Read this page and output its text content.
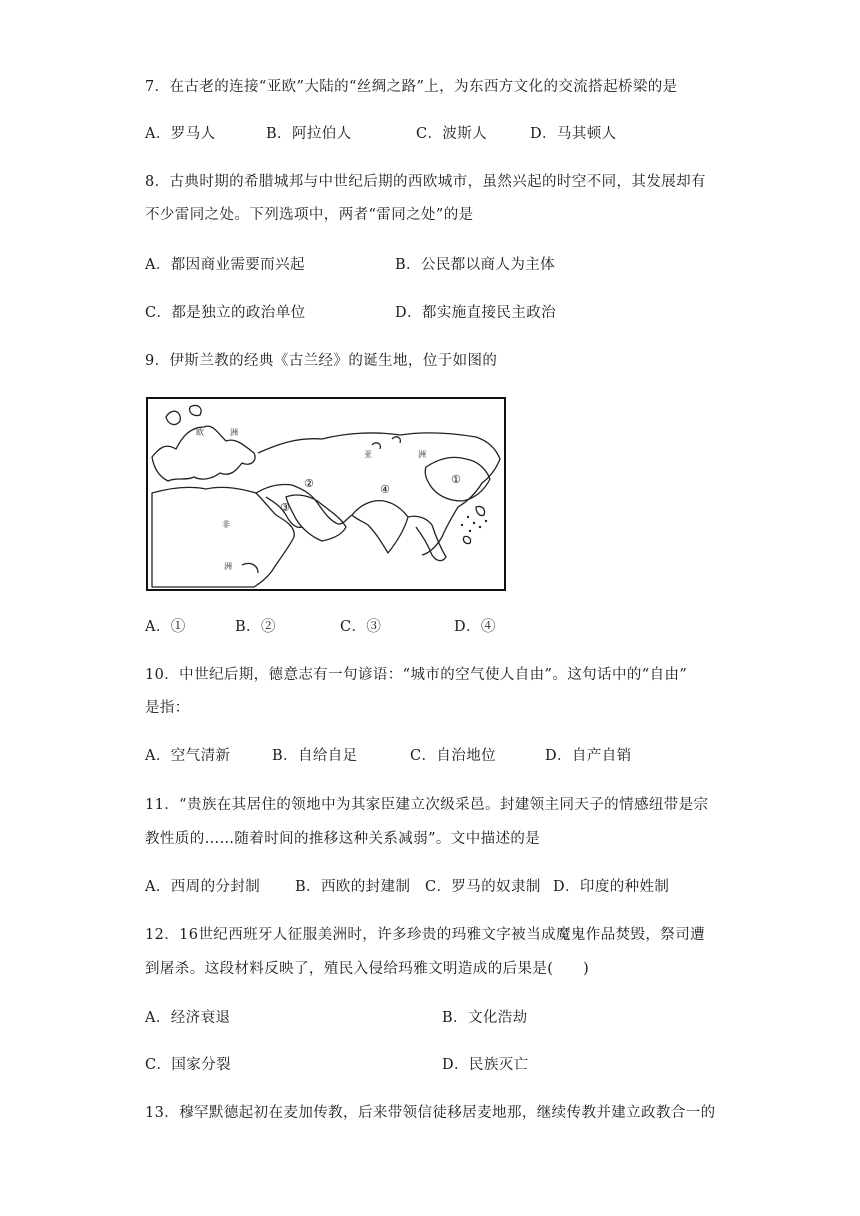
7．在古老的连接“亚欧”大陆的“丝绸之路”上，为东西方文化的交流搭起桥梁的是
A．罗马人	B．阿拉伯人	C．波斯人	D．马其顿人
8．古典时期的希腊城邦与中世纪后期的西欧城市，虽然兴起的时空不同，其发展却有
不少雷同之处。下列选项中，两者“雷同之处”的是
A．都因商业需要而兴起	B．公民都以商人为主体
C．都是独立的政治单位	D．都实施直接民主政治
9．伊斯兰教的经典《古兰经》的诞生地，位于如图的
欧	洲
亚	洲
非
洲
①
②
③
④
A．①	B．②	C．③	D．④
10．中世纪后期，德意志有一句谚语：“城市的空气使人自由”。这句话中的“自由”
是指：
A．空气清新	B．自给自足	C．自治地位	D．自产自销
11．“贵族在其居住的领地中为其家臣建立次级采邑。封建领主同天子的情感纽带是宗
教性质的……随着时间的推移这种关系减弱”。文中描述的是
A．西周的分封制 B．西欧的封建制 C．罗马的奴隶制 D．印度的种姓制
12．16世纪西班牙人征服美洲时，许多珍贵的玛雅文字被当成魔鬼作品焚毁，祭司遭
到屠杀。这段材料反映了，殖民入侵给玛雅文明造成的后果是(　　)
A．经济衰退	B．文化浩劫
C．国家分裂	D．民族灭亡
13．穆罕默德起初在麦加传教，后来带领信徒移居麦地那，继续传教并建立政教合一的
